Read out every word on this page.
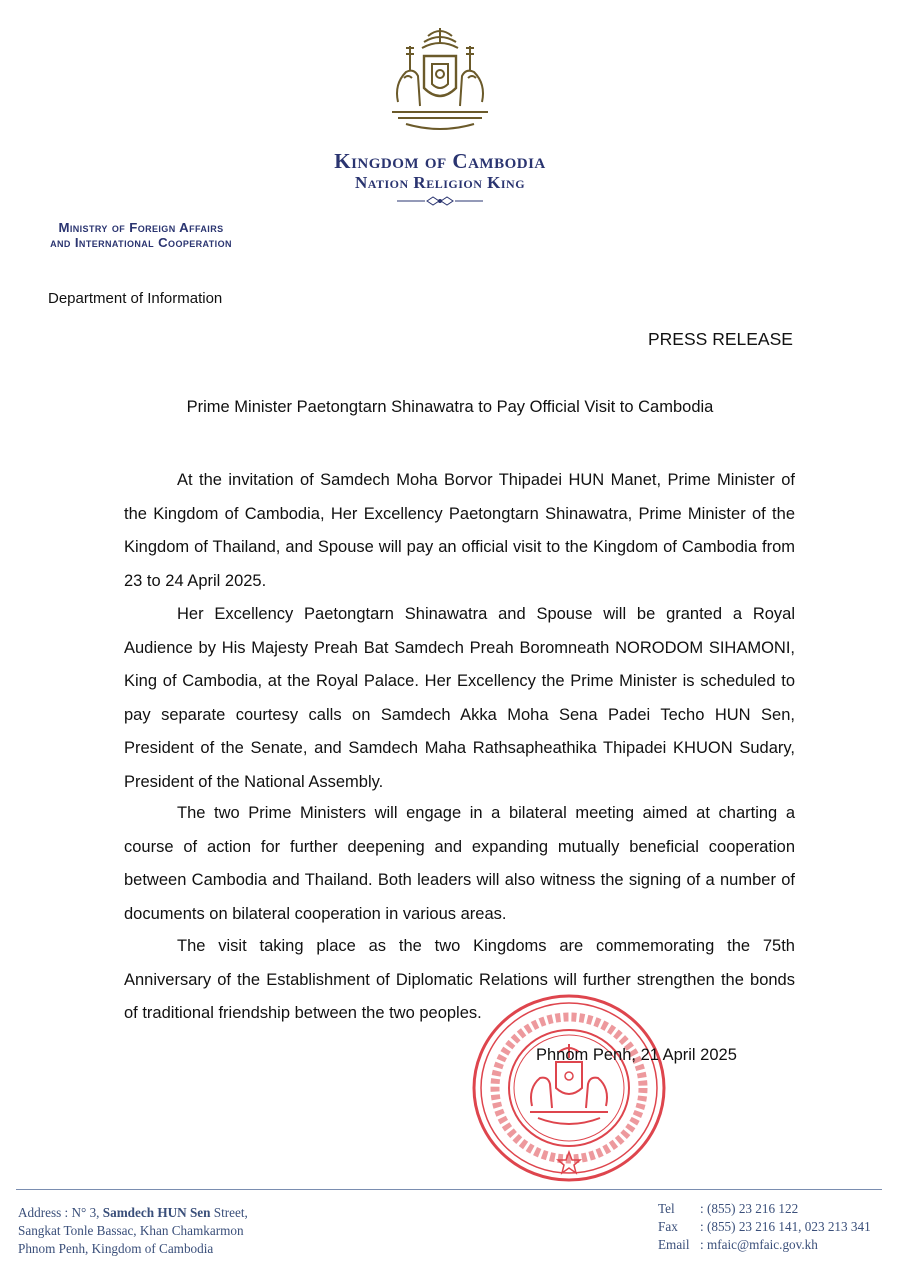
Kingdom of Cambodia
Nation Religion King
Ministry of Foreign Affairs
and International Cooperation
Department of Information
PRESS RELEASE
Prime Minister Paetongtarn Shinawatra to Pay Official Visit to Cambodia

At the invitation of Samdech Moha Borvor Thipadei HUN Manet, Prime Minister of the Kingdom of Cambodia, Her Excellency Paetongtarn Shinawatra, Prime Minister of the Kingdom of Thailand, and Spouse will pay an official visit to the Kingdom of Cambodia from 23 to 24 April 2025.

Her Excellency Paetongtarn Shinawatra and Spouse will be granted a Royal Audience by His Majesty Preah Bat Samdech Preah Boromneath NORODOM SIHAMONI, King of Cambodia, at the Royal Palace. Her Excellency the Prime Minister is scheduled to pay separate courtesy calls on Samdech Akka Moha Sena Padei Techo HUN Sen, President of the Senate, and Samdech Maha Rathsapheathika Thipadei KHUON Sudary, President of the National Assembly.

The two Prime Ministers will engage in a bilateral meeting aimed at charting a course of action for further deepening and expanding mutually beneficial cooperation between Cambodia and Thailand. Both leaders will also witness the signing of a number of documents on bilateral cooperation in various areas.

The visit taking place as the two Kingdoms are commemorating the 75th Anniversary of the Establishment of Diplomatic Relations will further strengthen the bonds of traditional friendship between the two peoples.

Phnom Penh, 21 April 2025
Address : N° 3, Samdech HUN Sen Street,
Sangkat Tonle Bassac, Khan Chamkarmon
Phnom Penh, Kingdom of Cambodia
Tel : (855) 23 216 122
Fax : (855) 23 216 141, 023 213 341
Email : mfaic@mfaic.gov.kh
